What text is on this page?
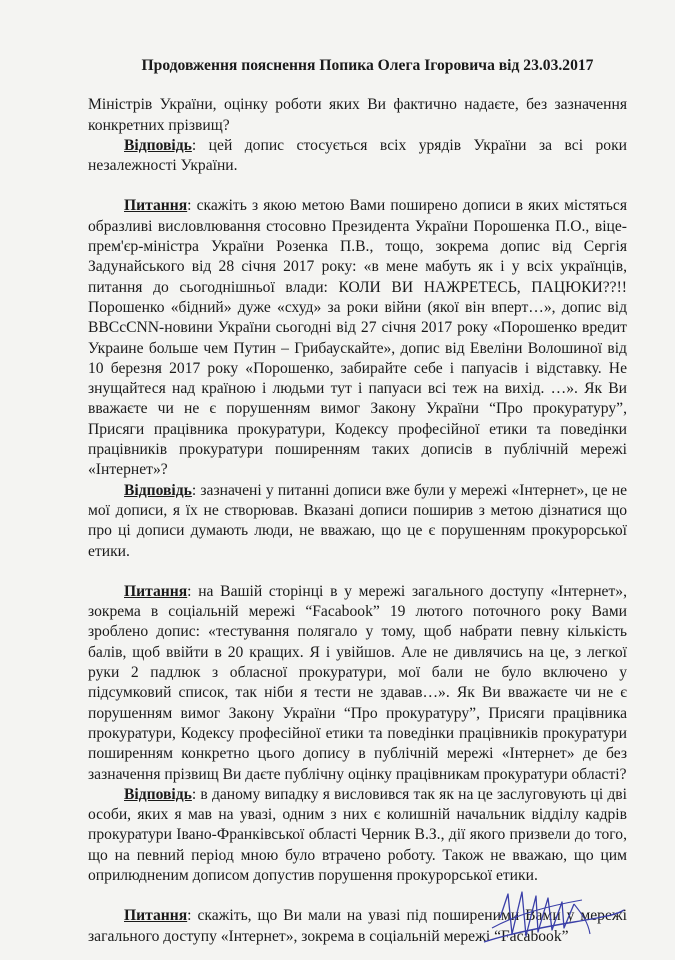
Продовження пояснення Попика Олега Ігоровича від 23.03.2017

Міністрів України, оцінку роботи яких Ви фактично надаєте, без зазначення конкретних прізвищ?

Відповідь: цей допис стосується всіх урядів України за всі роки незалежності України.

Питання: скажіть з якою метою Вами поширено дописи в яких містяться образливі висловлювання стосовно Президента України Порошенка П.О., віце-прем'єр-міністра України Розенка П.В., тощо, зокрема допис від Сергія Задунайського від 28 січня 2017 року: «в мене мабуть як і у всіх українців, питання до сьогоднішньої влади: КОЛИ ВИ НАЖРЕТЕСЬ, ПАЦЮКИ??!! Порошенко «бідний» дуже «схуд» за роки війни (якої він вперт…», допис від BBCcCNN-новини України сьогодні від 27 січня 2017 року «Порошенко вредит Украине больше чем Путин – Грибаускайте», допис від Евеліни Волошиної від 10 березня 2017 року «Порошенко, забирайте себе і папуасів і відставку. Не знущайтеся над країною і людьми тут і папуаси всі теж на вихід. …». Як Ви вважаєте чи не є порушенням вимог Закону України “Про прокуратуру”, Присяги працівника прокуратури, Кодексу професійної етики та поведінки працівників прокуратури поширенням таких дописів в публічній мережі «Інтернет»?

Відповідь: зазначені у питанні дописи вже були у мережі «Інтернет», це не мої дописи, я їх не створював. Вказані дописи поширив з метою дізнатися що про ці дописи думають люди, не вважаю, що це є порушенням прокурорської етики.

Питання: на Вашій сторінці в у мережі загального доступу «Інтернет», зокрема в соціальній мережі “Facabook” 19 лютого поточного року Вами зроблено допис: «тестування полягало у тому, щоб набрати певну кількість балів, щоб ввійти в 20 кращих. Я і увійшов. Але не дивлячись на це, з легкої руки 2 падлюк з обласної прокуратури, мої бали не було включено у підсумковий список, так ніби я тести не здавав…». Як Ви вважаєте чи не є порушенням вимог Закону України “Про прокуратуру”, Присяги працівника прокуратури, Кодексу професійної етики та поведінки працівників прокуратури поширенням конкретно цього допису в публічній мережі «Інтернет» де без зазначення прізвищ Ви даєте публічну оцінку працівникам прокуратури області?

Відповідь: в даному випадку я висловився так як на це заслуговують ці дві особи, яких я мав на увазі, одним з них є колишній начальник відділу кадрів прокуратури Івано-Франківської області Черник В.З., дії якого призвели до того, що на певний період мною було втрачено роботу. Також не вважаю, що цим оприлюдненим дописом допустив порушення прокурорської етики.

Питання: скажіть, що Ви мали на увазі під поширеними Вами у мережі загального доступу «Інтернет», зокрема в соціальній мережі “Facabook”
